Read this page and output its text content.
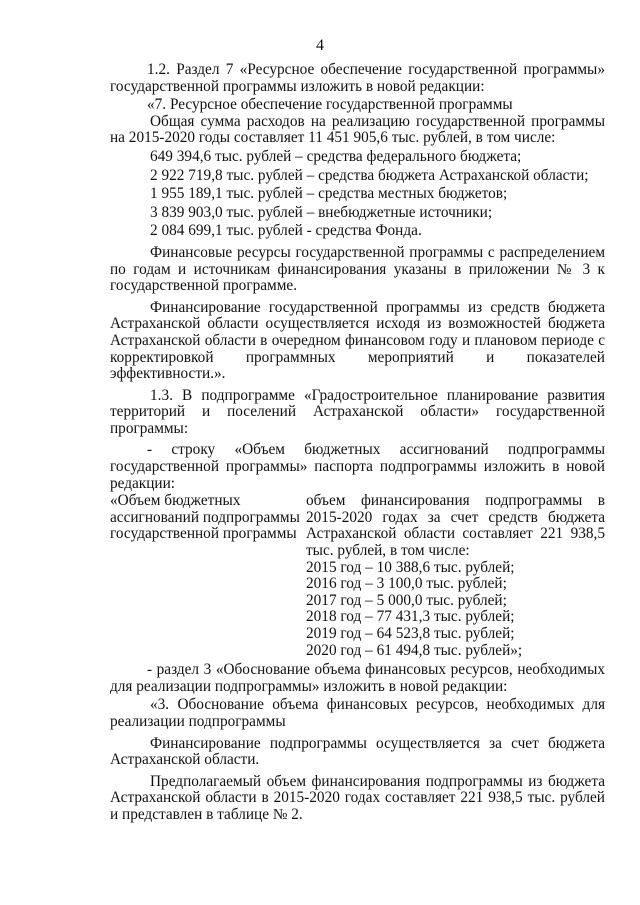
4

1.2. Раздел 7 «Ресурсное обеспечение государственной программы» государственной программы изложить в новой редакции:

«7. Ресурсное обеспечение государственной программы

Общая сумма расходов на реализацию государственной программы на 2015-2020 годы составляет 11 451 905,6 тыс. рублей, в том числе:

649 394,6 тыс. рублей – средства федерального бюджета;

2 922 719,8 тыс. рублей – средства бюджета Астраханской области;

1 955 189,1 тыс. рублей – средства местных бюджетов;

3 839 903,0 тыс. рублей – внебюджетные источники;

2 084 699,1 тыс. рублей - средства Фонда.

Финансовые ресурсы государственной программы с распределением по годам и источникам финансирования указаны в приложении № 3 к государственной программе.

Финансирование государственной программы из средств бюджета Астраханской области осуществляется исходя из возможностей бюджета Астраханской области в очередном финансовом году и плановом периоде с корректировкой программных мероприятий и показателей эффективности.».

1.3. В подпрограмме «Градостроительное планирование развития территорий и поселений Астраханской области» государственной программы:

- строку «Объем бюджетных ассигнований подпрограммы государственной программы» паспорта подпрограммы изложить в новой редакции:

«Объем бюджетных ассигнований подпрограммы государственной программы

объем финансирования подпрограммы в 2015-2020 годах за счет средств бюджета Астраханской области составляет 221 938,5 тыс. рублей, в том числе:

2015 год – 10 388,6 тыс. рублей;

2016 год – 3 100,0 тыс. рублей;

2017 год – 5 000,0 тыс. рублей;

2018 год – 77 431,3 тыс. рублей;

2019 год – 64 523,8 тыс. рублей;

2020 год – 61 494,8 тыс. рублей»;

- раздел 3 «Обоснование объема финансовых ресурсов, необходимых для реализации подпрограммы» изложить в новой редакции:

«3. Обоснование объема финансовых ресурсов, необходимых для реализации подпрограммы

Финансирование подпрограммы осуществляется за счет бюджета Астраханской области.

Предполагаемый объем финансирования подпрограммы из бюджета Астраханской области в 2015-2020 годах составляет 221 938,5 тыс. рублей и представлен в таблице № 2.
